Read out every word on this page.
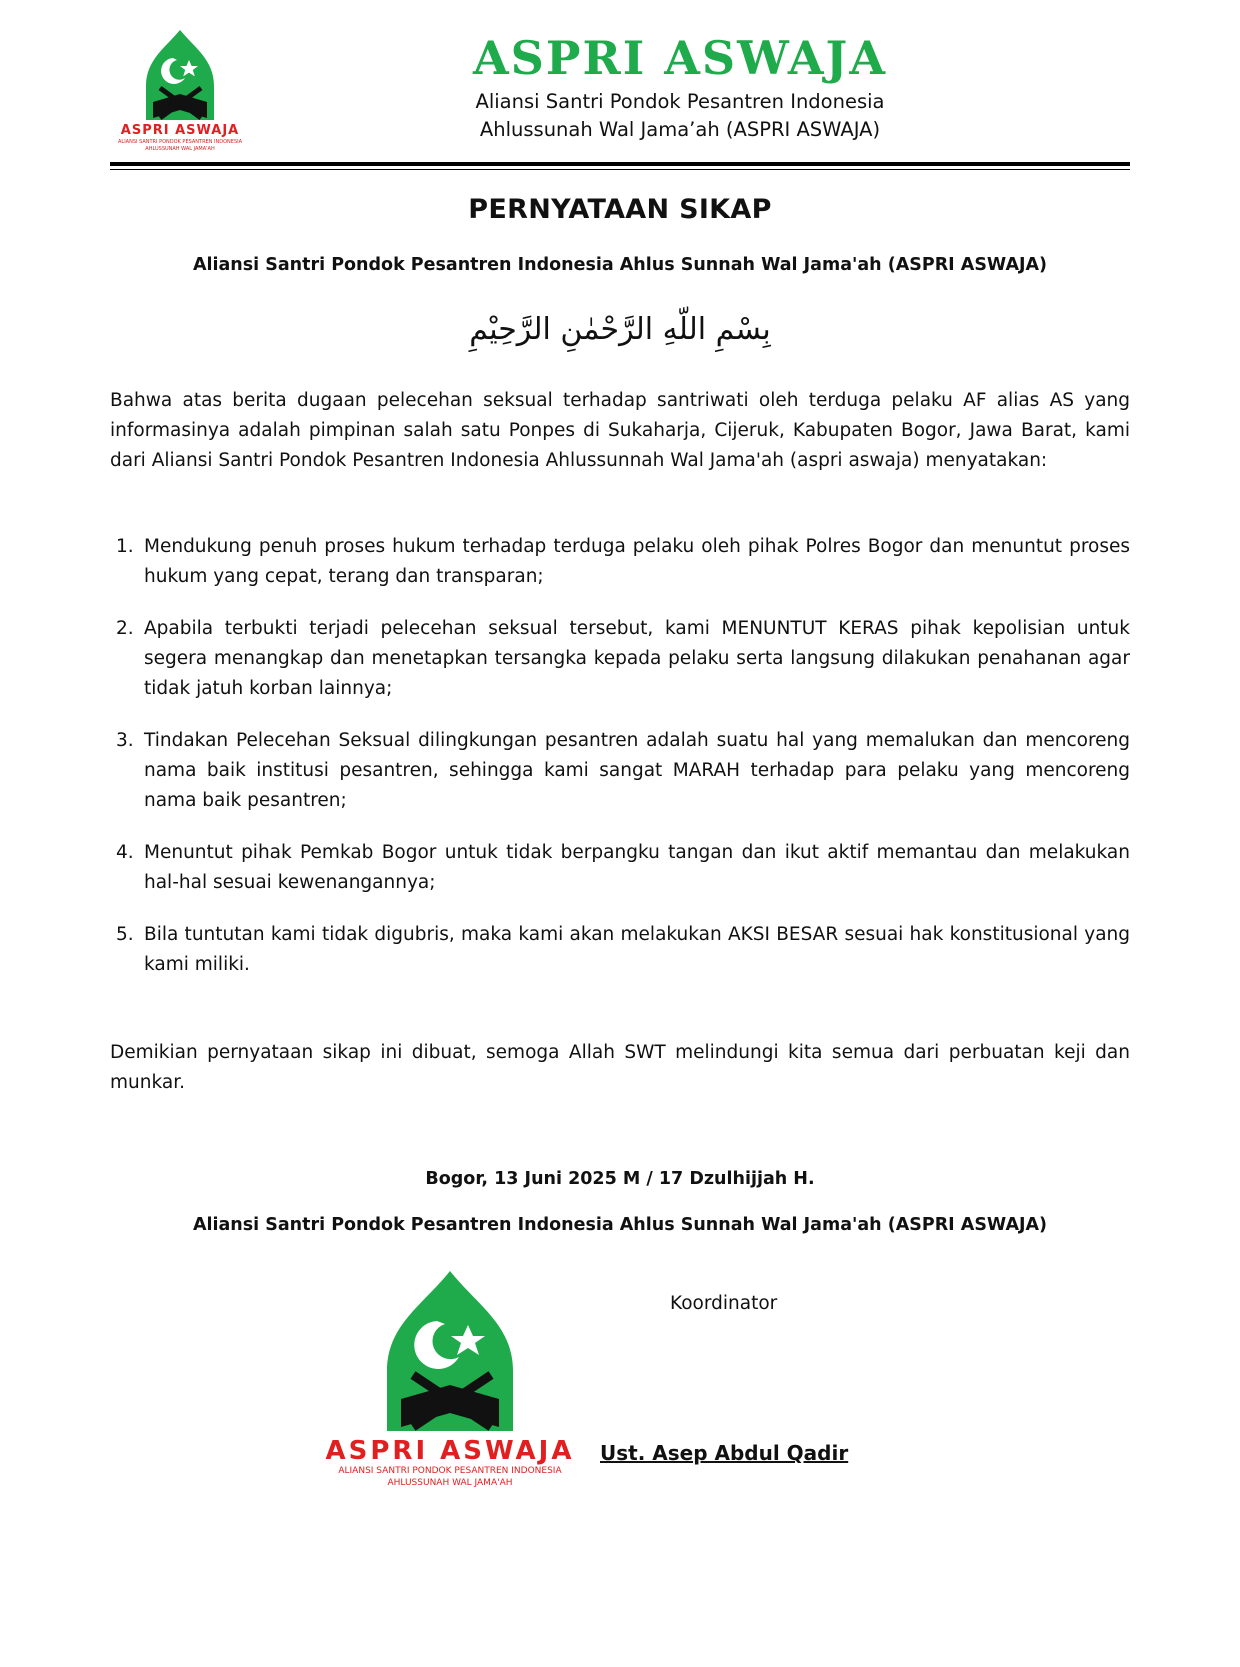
ASPRI ASWAJA
ALIANSI SANTRI PONDOK PESANTREN INDONESIA
AHLUSSUNAH WAL JAMA'AH
ASPRI ASWAJA
Aliansi Santri Pondok Pesantren Indonesia
Ahlussunah Wal Jama’ah (ASPRI ASWAJA)
PERNYATAAN SIKAP
Aliansi Santri Pondok Pesantren Indonesia Ahlus Sunnah Wal Jama'ah (ASPRI ASWAJA)
بِسْمِ اللّهِ الرَّحْمٰنِ الرَّحِيْمِ
Bahwa atas berita dugaan pelecehan seksual terhadap santriwati oleh terduga pelaku AF alias AS yang informasinya adalah pimpinan salah satu Ponpes di Sukaharja, Cijeruk, Kabupaten Bogor, Jawa Barat, kami dari Aliansi Santri Pondok Pesantren Indonesia Ahlussunnah Wal Jama'ah (aspri aswaja) menyatakan:
Mendukung penuh proses hukum terhadap terduga pelaku oleh pihak Polres Bogor dan menuntut proses hukum yang cepat, terang dan transparan;
Apabila terbukti terjadi pelecehan seksual tersebut, kami MENUNTUT KERAS pihak kepolisian untuk segera menangkap dan menetapkan tersangka kepada pelaku serta langsung dilakukan penahanan agar tidak jatuh korban lainnya;
Tindakan Pelecehan Seksual dilingkungan pesantren adalah suatu hal yang memalukan dan mencoreng nama baik institusi pesantren, sehingga kami sangat MARAH terhadap para pelaku yang mencoreng nama baik pesantren;
Menuntut pihak Pemkab Bogor untuk tidak berpangku tangan dan ikut aktif memantau dan melakukan hal-hal sesuai kewenangannya;
Bila tuntutan kami tidak digubris, maka kami akan melakukan AKSI BESAR sesuai hak konstitusional yang kami miliki.
Demikian pernyataan sikap ini dibuat, semoga Allah SWT melindungi kita semua dari perbuatan keji dan munkar.
Bogor, 13 Juni 2025 M / 17 Dzulhijjah H.
Aliansi Santri Pondok Pesantren Indonesia Ahlus Sunnah Wal Jama'ah (ASPRI ASWAJA)
ASPRI ASWAJA
ALIANSI SANTRI PONDOK PESANTREN INDONESIA
AHLUSSUNAH WAL JAMA'AH
Koordinator
Ust. Asep Abdul Qadir
